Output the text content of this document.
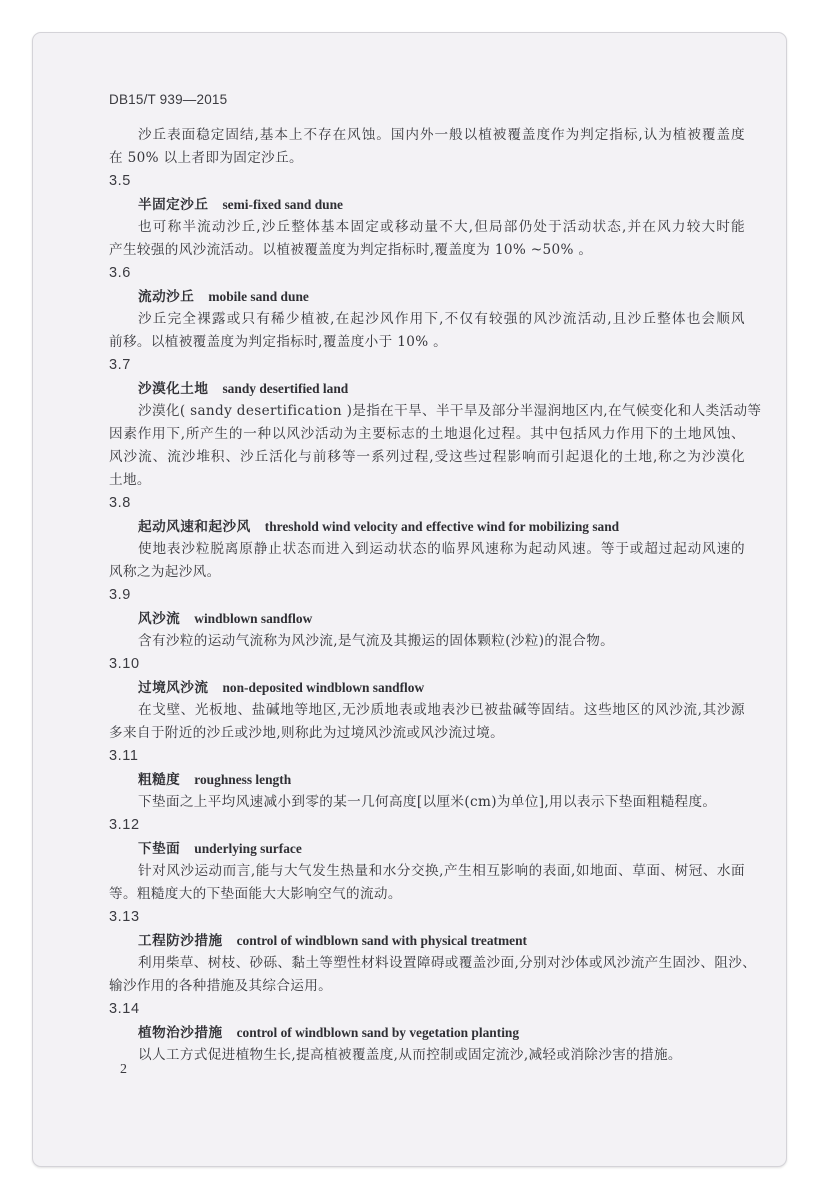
DB15/T 939—2015
沙丘表面稳定固结,基本上不存在风蚀。国内外一般以植被覆盖度作为判定指标,认为植被覆盖度
在 50% 以上者即为固定沙丘。
3.5
半固定沙丘 semi-fixed sand dune
也可称半流动沙丘,沙丘整体基本固定或移动量不大,但局部仍处于活动状态,并在风力较大时能
产生较强的风沙流活动。以植被覆盖度为判定指标时,覆盖度为 10% ~50% 。
3.6
流动沙丘 mobile sand dune
沙丘完全裸露或只有稀少植被,在起沙风作用下,不仅有较强的风沙流活动,且沙丘整体也会顺风
前移。以植被覆盖度为判定指标时,覆盖度小于 10% 。
3.7
沙漠化土地 sandy desertified land
沙漠化( sandy desertification )是指在干旱、半干旱及部分半湿润地区内,在气候变化和人类活动等
因素作用下,所产生的一种以风沙活动为主要标志的土地退化过程。其中包括风力作用下的土地风蚀、
风沙流、流沙堆积、沙丘活化与前移等一系列过程,受这些过程影响而引起退化的土地,称之为沙漠化
土地。
3.8
起动风速和起沙风 threshold wind velocity and effective wind for mobilizing sand
使地表沙粒脱离原静止状态而进入到运动状态的临界风速称为起动风速。等于或超过起动风速的
风称之为起沙风。
3.9
风沙流 windblown sandflow
含有沙粒的运动气流称为风沙流,是气流及其搬运的固体颗粒(沙粒)的混合物。
3.10
过境风沙流 non-deposited windblown sandflow
在戈壁、光板地、盐碱地等地区,无沙质地表或地表沙已被盐碱等固结。这些地区的风沙流,其沙源
多来自于附近的沙丘或沙地,则称此为过境风沙流或风沙流过境。
3.11
粗糙度 roughness length
下垫面之上平均风速减小到零的某一几何高度[以厘米(cm)为单位],用以表示下垫面粗糙程度。
3.12
下垫面 underlying surface
针对风沙运动而言,能与大气发生热量和水分交换,产生相互影响的表面,如地面、草面、树冠、水面
等。粗糙度大的下垫面能大大影响空气的流动。
3.13
工程防沙措施 control of windblown sand with physical treatment
利用柴草、树枝、砂砾、黏土等塑性材料设置障碍或覆盖沙面,分别对沙体或风沙流产生固沙、阻沙、
输沙作用的各种措施及其综合运用。
3.14
植物治沙措施 control of windblown sand by vegetation planting
以人工方式促进植物生长,提高植被覆盖度,从而控制或固定流沙,减轻或消除沙害的措施。
2
